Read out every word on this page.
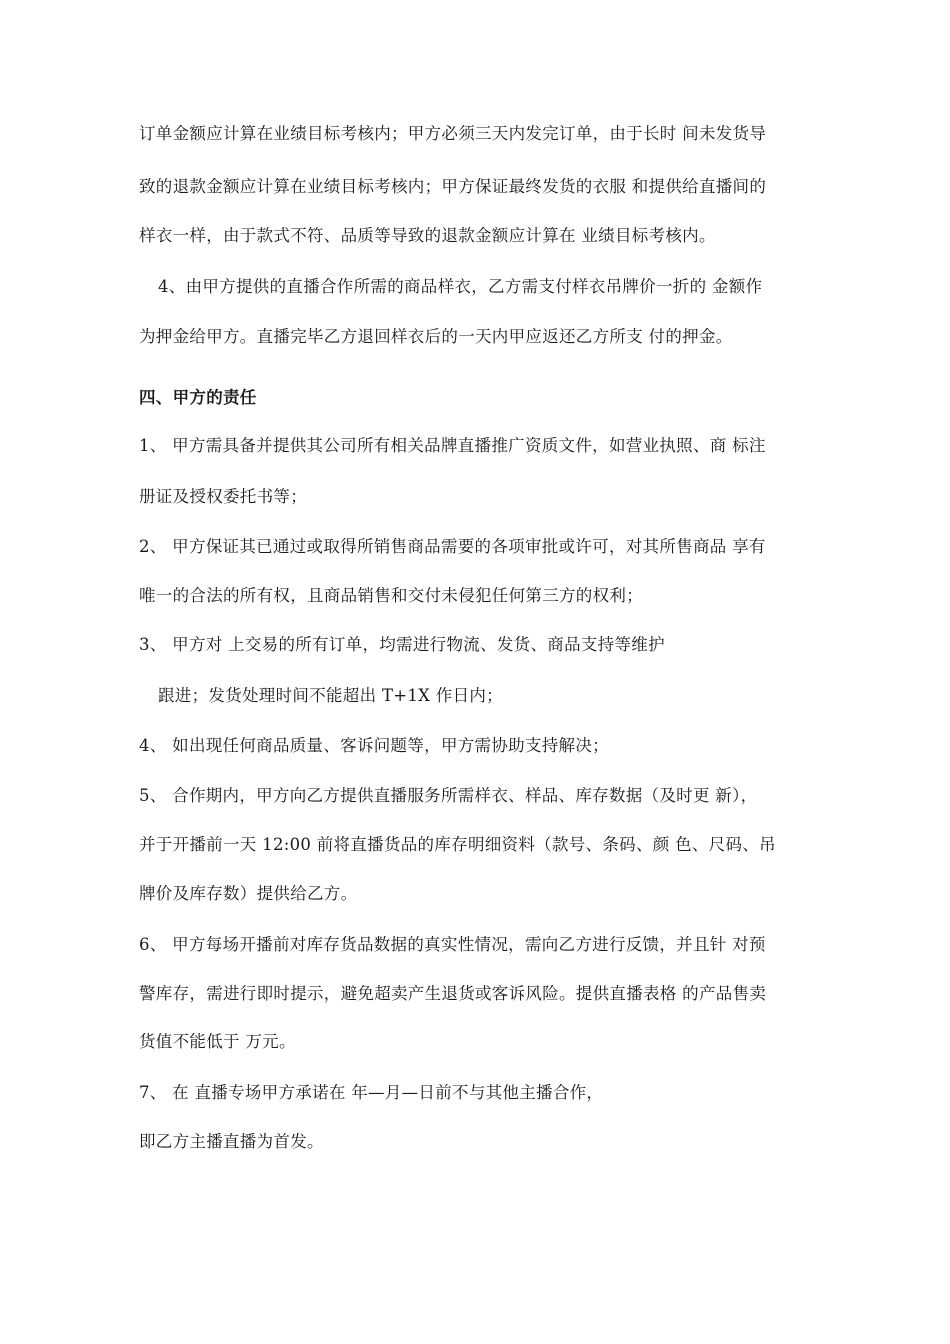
订单金额应计算在业绩目标考核内；甲方必须三天内发完订单，由于长时 间未发货导
致的退款金额应计算在业绩目标考核内；甲方保证最终发货的衣服 和提供给直播间的
样衣一样，由于款式不符、品质等导致的退款金额应计算在 业绩目标考核内。
4、由甲方提供的直播合作所需的商品样衣，乙方需支付样衣吊牌价一折的 金额作
为押金给甲方。直播完毕乙方退回样衣后的一天内甲应返还乙方所支 付的押金。
四、甲方的责任
1、 甲方需具备并提供其公司所有相关品牌直播推广资质文件，如营业执照、商 标注
册证及授权委托书等；
2、 甲方保证其已通过或取得所销售商品需要的各项审批或许可，对其所售商品 享有
唯一的合法的所有权，且商品销售和交付未侵犯任何第三方的权利；
3、 甲方对 上交易的所有订单，均需进行物流、发货、商品支持等维护
跟进；发货处理时间不能超出 T+1X 作日内；
4、 如出现任何商品质量、客诉问题等，甲方需协助支持解决；
5、 合作期内，甲方向乙方提供直播服务所需样衣、样品、库存数据（及时更 新），
并于开播前一天 12:00 前将直播货品的库存明细资料（款号、条码、颜 色、尺码、吊
牌价及库存数）提供给乙方。
6、 甲方每场开播前对库存货品数据的真实性情况，需向乙方进行反馈，并且针 对预
警库存，需进行即时提示，避免超卖产生退货或客诉风险。提供直播表格 的产品售卖
货值不能低于 万元。
7、 在 直播专场甲方承诺在 年—月—日前不与其他主播合作，
即乙方主播直播为首发。
